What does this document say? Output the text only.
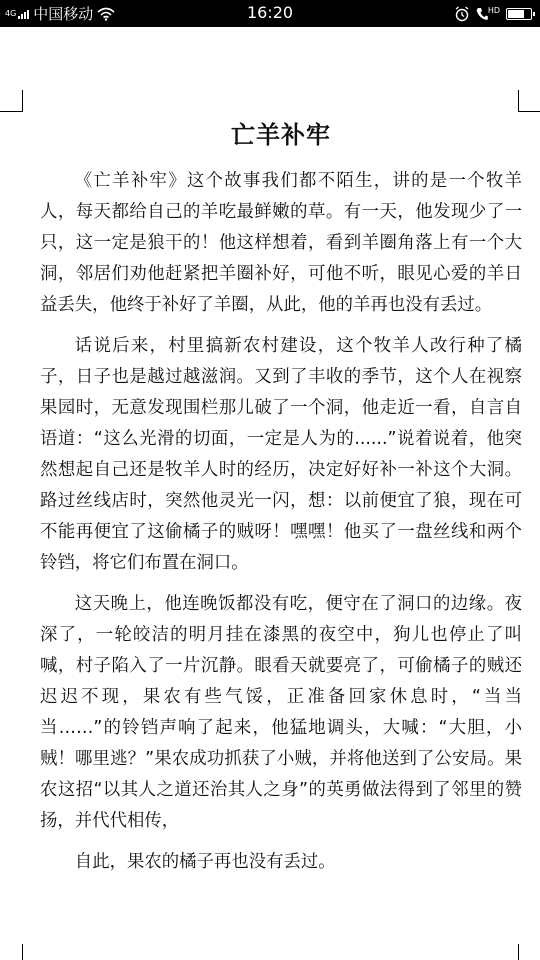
4G 中国移动	16:20	HD
亡羊补牢

《亡羊补牢》这个故事我们都不陌生，讲的是一个牧羊人，每天都给自己的羊吃最鲜嫩的草。有一天，他发现少了一只，这一定是狼干的！他这样想着，看到羊圈角落上有一个大洞，邻居们劝他赶紧把羊圈补好，可他不听，眼见心爱的羊日益丢失，他终于补好了羊圈，从此，他的羊再也没有丢过。

话说后来，村里搞新农村建设，这个牧羊人改行种了橘子，日子也是越过越滋润。又到了丰收的季节，这个人在视察果园时，无意发现围栏那儿破了一个洞，他走近一看，自言自语道：“这么光滑的切面，一定是人为的......”说着说着，他突然想起自己还是牧羊人时的经历，决定好好补一补这个大洞。路过丝线店时，突然他灵光一闪，想：以前便宜了狼，现在可不能再便宜了这偷橘子的贼呀！嘿嘿！他买了一盘丝线和两个铃铛，将它们布置在洞口。

这天晚上，他连晚饭都没有吃，便守在了洞口的边缘。夜深了，一轮皎洁的明月挂在漆黑的夜空中，狗儿也停止了叫喊，村子陷入了一片沉静。眼看天就要亮了，可偷橘子的贼还迟迟不现，果农有些气馁，正准备回家休息时，“当当当……”的铃铛声响了起来，他猛地调头，大喊：“大胆，小贼！哪里逃？”果农成功抓获了小贼，并将他送到了公安局。果农这招“以其人之道还治其人之身”的英勇做法得到了邻里的赞扬，并代代相传，

自此，果农的橘子再也没有丢过。
